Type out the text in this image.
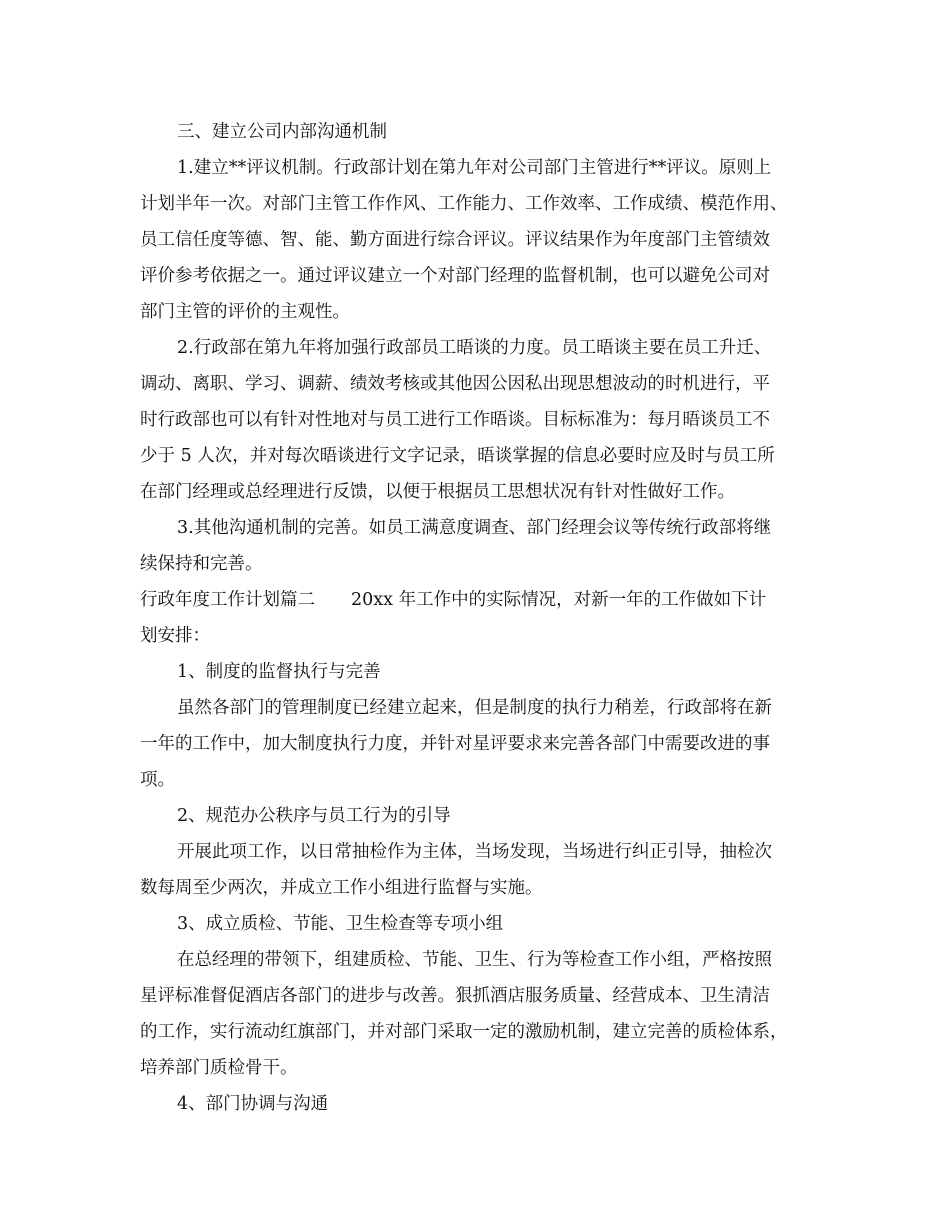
三、建立公司内部沟通机制
1.建立**评议机制。行政部计划在第九年对公司部门主管进行**评议。原则上
计划半年一次。对部门主管工作作风、工作能力、工作效率、工作成绩、模范作用、
员工信任度等德、智、能、勤方面进行综合评议。评议结果作为年度部门主管绩效
评价参考依据之一。通过评议建立一个对部门经理的监督机制，也可以避免公司对
部门主管的评价的主观性。
2.行政部在第九年将加强行政部员工晤谈的力度。员工晤谈主要在员工升迁、
调动、离职、学习、调薪、绩效考核或其他因公因私出现思想波动的时机进行，平
时行政部也可以有针对性地对与员工进行工作晤谈。目标标准为：每月晤谈员工不
少于 5 人次，并对每次晤谈进行文字记录，晤谈掌握的信息必要时应及时与员工所
在部门经理或总经理进行反馈，以便于根据员工思想状况有针对性做好工作。
3.其他沟通机制的完善。如员工满意度调查、部门经理会议等传统行政部将继
续保持和完善。
行政年度工作计划篇二 20xx 年工作中的实际情况，对新一年的工作做如下计
划安排：
1、制度的监督执行与完善
虽然各部门的管理制度已经建立起来，但是制度的执行力稍差，行政部将在新
一年的工作中，加大制度执行力度，并针对星评要求来完善各部门中需要改进的事
项。
2、规范办公秩序与员工行为的引导
开展此项工作，以日常抽检作为主体，当场发现，当场进行纠正引导，抽检次
数每周至少两次，并成立工作小组进行监督与实施。
3、成立质检、节能、卫生检查等专项小组
在总经理的带领下，组建质检、节能、卫生、行为等检查工作小组，严格按照
星评标准督促酒店各部门的进步与改善。狠抓酒店服务质量、经营成本、卫生清洁
的工作，实行流动红旗部门，并对部门采取一定的激励机制，建立完善的质检体系，
培养部门质检骨干。
4、部门协调与沟通
